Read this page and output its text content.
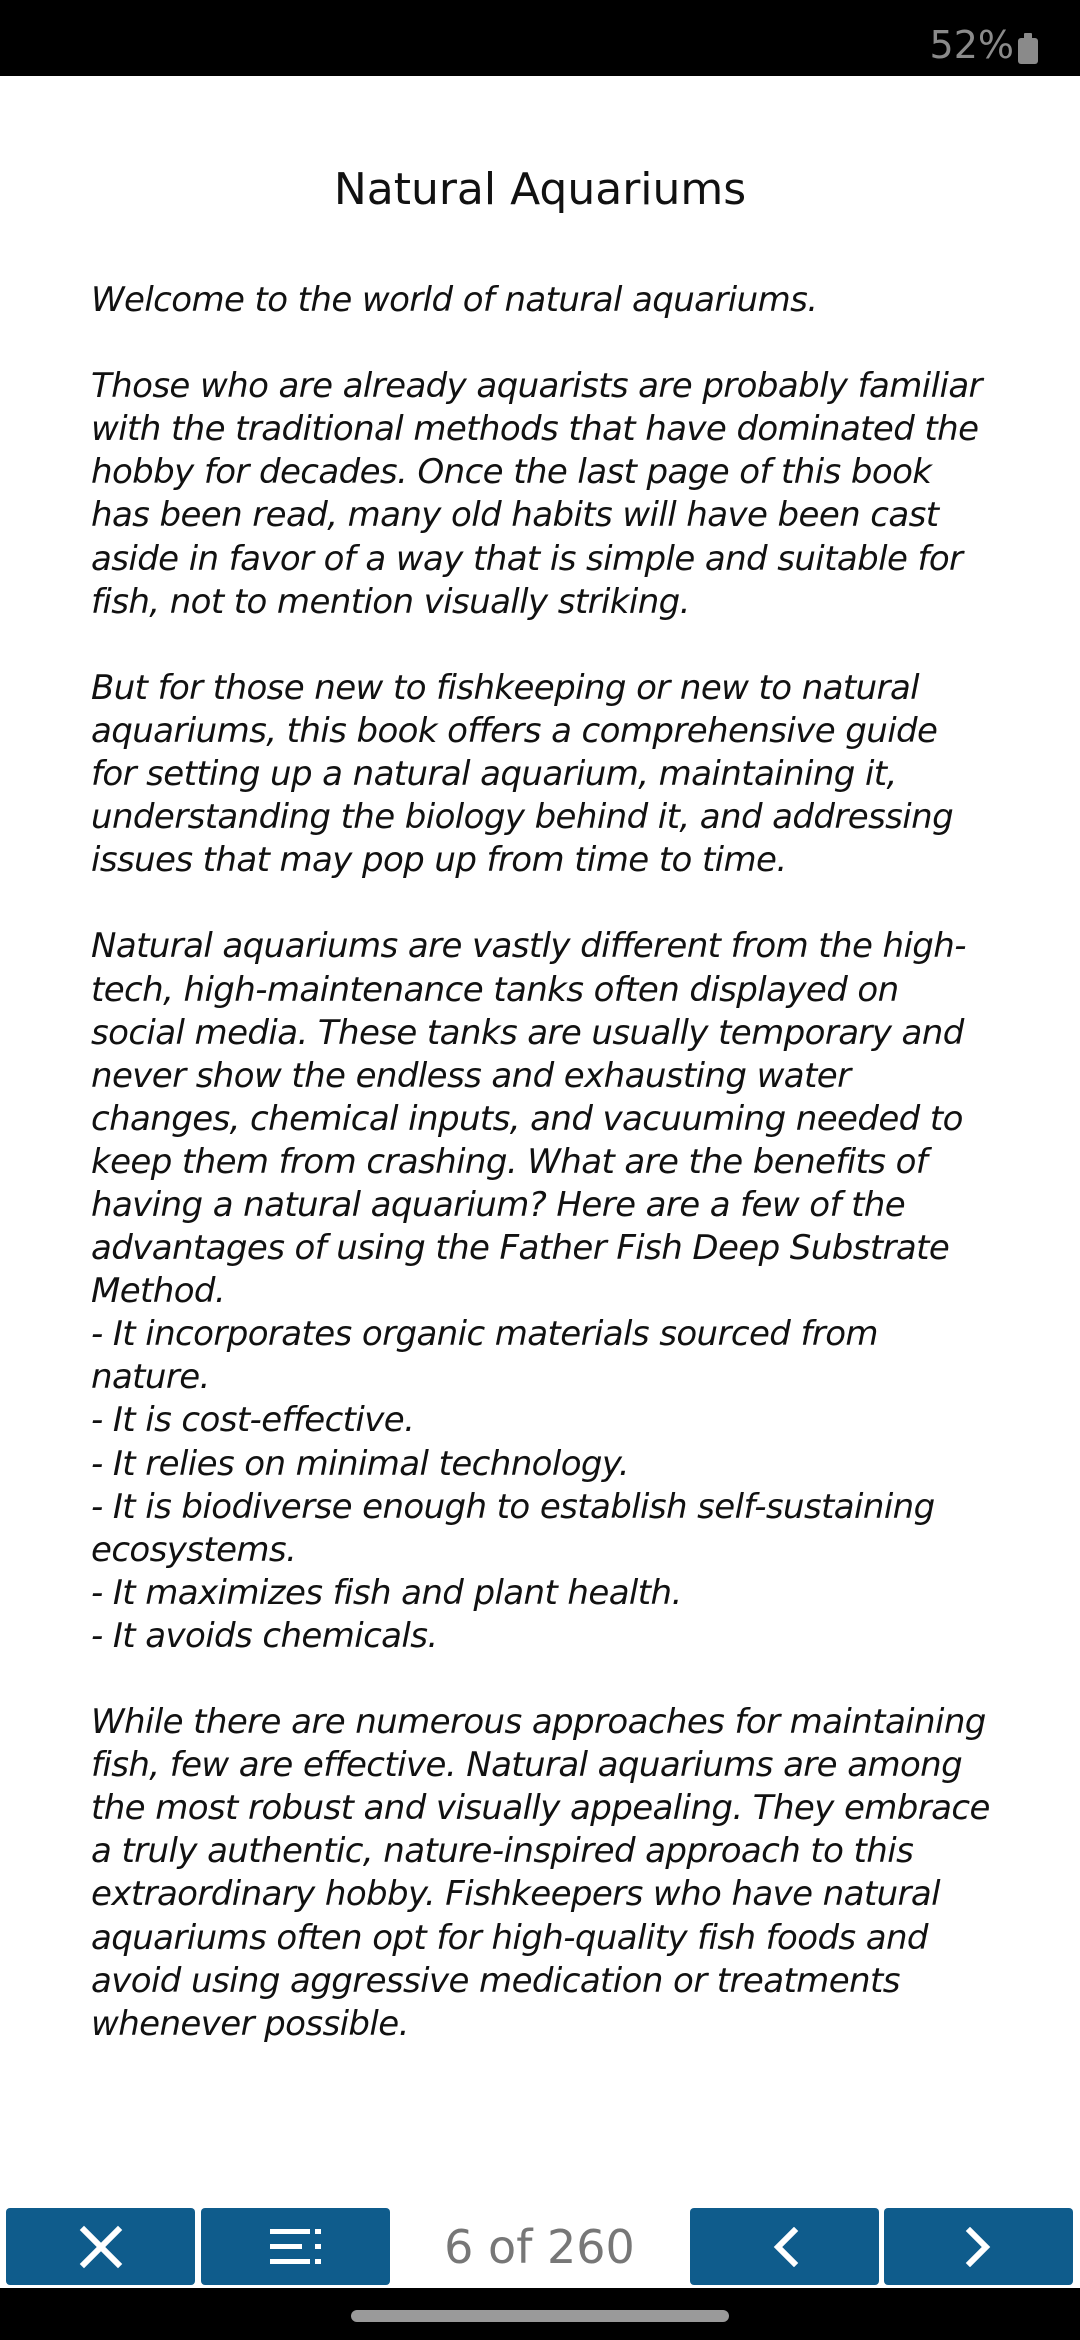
52%
Natural Aquariums
Welcome to the world of natural aquariums.
Those who are already aquarists are probably familiar
with the traditional methods that have dominated the
hobby for decades. Once the last page of this book
has been read, many old habits will have been cast
aside in favor of a way that is simple and suitable for
fish, not to mention visually striking.
But for those new to fishkeeping or new to natural
aquariums, this book offers a comprehensive guide
for setting up a natural aquarium, maintaining it,
understanding the biology behind it, and addressing
issues that may pop up from time to time.
Natural aquariums are vastly different from the high-
tech, high-maintenance tanks often displayed on
social media. These tanks are usually temporary and
never show the endless and exhausting water
changes, chemical inputs, and vacuuming needed to
keep them from crashing. What are the benefits of
having a natural aquarium? Here are a few of the
advantages of using the Father Fish Deep Substrate
Method.
- It incorporates organic materials sourced from
nature.
- It is cost-effective.
- It relies on minimal technology.
- It is biodiverse enough to establish self-sustaining
ecosystems.
- It maximizes fish and plant health.
- It avoids chemicals.
While there are numerous approaches for maintaining
fish, few are effective. Natural aquariums are among
the most robust and visually appealing. They embrace
a truly authentic, nature-inspired approach to this
extraordinary hobby. Fishkeepers who have natural
aquariums often opt for high-quality fish foods and
avoid using aggressive medication or treatments
whenever possible.
6 of 260
